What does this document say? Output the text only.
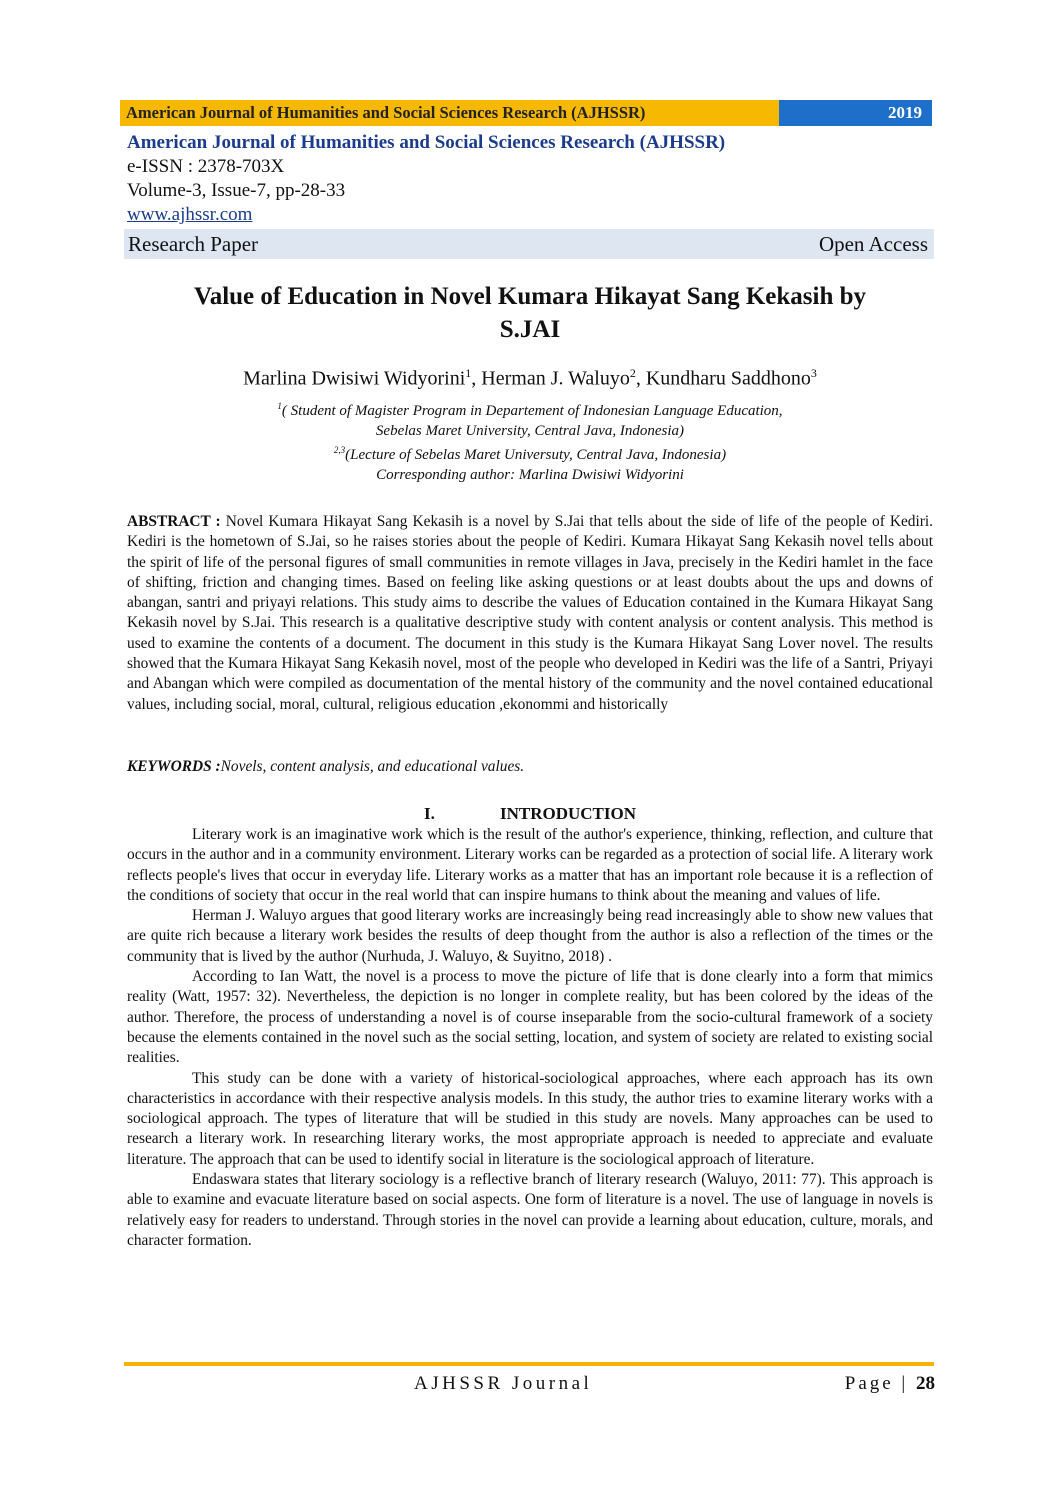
American Journal of Humanities and Social Sciences Research (AJHSSR)	2019
American Journal of Humanities and Social Sciences Research (AJHSSR)
e-ISSN : 2378-703X
Volume-3, Issue-7, pp-28-33
www.ajhssr.com
Research Paper	Open Access
Value of Education in Novel Kumara Hikayat Sang Kekasih by
S.JAI
Marlina Dwisiwi Widyorini$^1$, Herman J. Waluyo$^2$, Kundharu Saddhono$^3$
$^1$( Student of Magister Program in Departement of Indonesian Language Education,
Sebelas Maret University, Central Java, Indonesia)
$^{2,3}$(Lecture of Sebelas Maret Universuty, Central Java, Indonesia)
Corresponding author: Marlina Dwisiwi Widyorini
ABSTRACT : Novel Kumara Hikayat Sang Kekasih is a novel by S.Jai that tells about the side of life of the people of Kediri. Kediri is the hometown of S.Jai, so he raises stories about the people of Kediri. Kumara Hikayat Sang Kekasih novel tells about the spirit of life of the personal figures of small communities in remote villages in Java, precisely in the Kediri hamlet in the face of shifting, friction and changing times. Based on feeling like asking questions or at least doubts about the ups and downs of abangan, santri and priyayi relations. This study aims to describe the values of Education contained in the Kumara Hikayat Sang Kekasih novel by S.Jai. This research is a qualitative descriptive study with content analysis or content analysis. This method is used to examine the contents of a document. The document in this study is the Kumara Hikayat Sang Lover novel. The results showed that the Kumara Hikayat Sang Kekasih novel, most of the people who developed in Kediri was the life of a Santri, Priyayi and Abangan which were compiled as documentation of the mental history of the community and the novel contained educational values, including social, moral, cultural, religious education ,ekonommi and historically
KEYWORDS :Novels, content analysis, and educational values.
I.	INTRODUCTION

Literary work is an imaginative work which is the result of the author's experience, thinking, reflection, and culture that occurs in the author and in a community environment. Literary works can be regarded as a protection of social life. A literary work reflects people's lives that occur in everyday life. Literary works as a matter that has an important role because it is a reflection of the conditions of society that occur in the real world that can inspire humans to think about the meaning and values of life.

Herman J. Waluyo argues that good literary works are increasingly being read increasingly able to show new values that are quite rich because a literary work besides the results of deep thought from the author is also a reflection of the times or the community that is lived by the author (Nurhuda, J. Waluyo, & Suyitno, 2018) .

According to Ian Watt, the novel is a process to move the picture of life that is done clearly into a form that mimics reality (Watt, 1957: 32). Nevertheless, the depiction is no longer in complete reality, but has been colored by the ideas of the author. Therefore, the process of understanding a novel is of course inseparable from the socio-cultural framework of a society because the elements contained in the novel such as the social setting, location, and system of society are related to existing social realities.

This study can be done with a variety of historical-sociological approaches, where each approach has its own characteristics in accordance with their respective analysis models. In this study, the author tries to examine literary works with a sociological approach. The types of literature that will be studied in this study are novels. Many approaches can be used to research a literary work. In researching literary works, the most appropriate approach is needed to appreciate and evaluate literature. The approach that can be used to identify social in literature is the sociological approach of literature.

Endaswara states that literary sociology is a reflective branch of literary research (Waluyo, 2011: 77). This approach is able to examine and evacuate literature based on social aspects. One form of literature is a novel. The use of language in novels is relatively easy for readers to understand. Through stories in the novel can provide a learning about education, culture, morals, and character formation.

AJHSSR Journal	Page | 28
